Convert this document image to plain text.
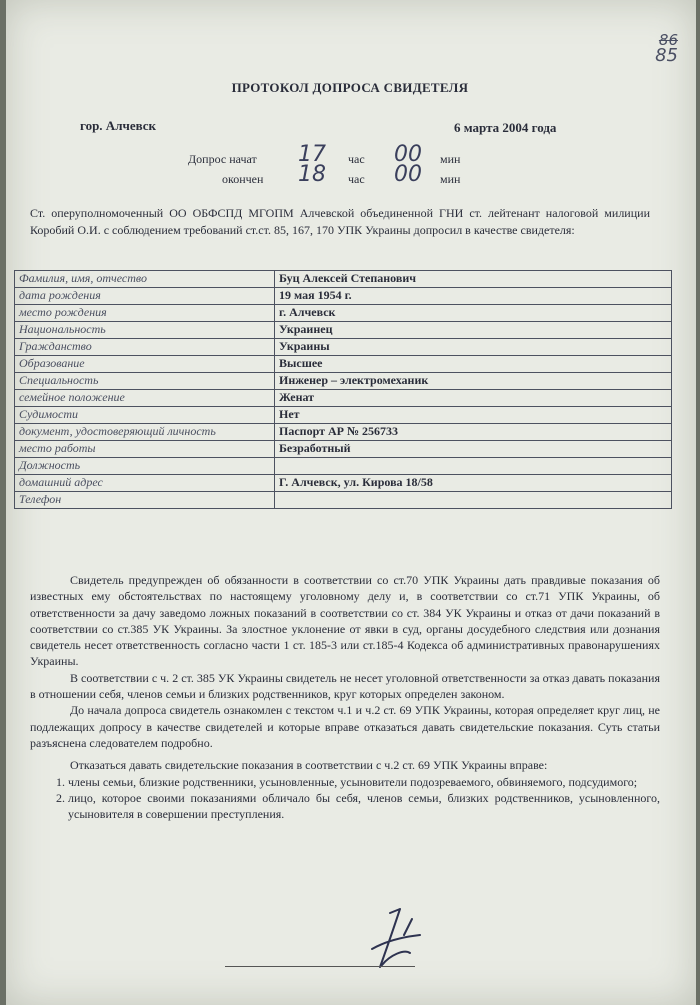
86
85
ПРОТОКОЛ ДОПРОСА СВИДЕТЕЛЯ
гор. Алчевск	6 марта 2004 года
Допрос начат 17 час 00 мин
окончен 18 час 00 мин
Ст. оперуполномоченный ОО ОБФСПД МГОПМ Алчевской объединенной ГНИ ст. лейтенант налоговой милиции Коробий О.И. с соблюдением требований ст.ст. 85, 167, 170 УПК Украины допросил в качестве свидетеля:
Фамилия, имя, отчество	Буц Алексей Степанович
дата рождения	19 мая 1954 г.
место рождения	г. Алчевск
Национальность	Украинец
Гражданство	Украины
Образование	Высшее
Специальность	Инженер – электромеханик
семейное положение	Женат
Судимости	Нет
документ, удостоверяющий личность	Паспорт АР № 256733
место работы	Безработный
Должность	
домашний адрес	Г. Алчевск, ул. Кирова 18/58
Телефон	

Свидетель предупрежден об обязанности в соответствии со ст.70 УПК Украины дать правдивые показания об известных ему обстоятельствах по настоящему уголовному делу и, в соответствии со ст.71 УПК Украины, об ответственности за дачу заведомо ложных показаний в соответствии со ст. 384 УК Украины и отказ от дачи показаний в соответствии со ст.385 УК Украины. За злостное уклонение от явки в суд, органы досудебного следствия или дознания свидетель несет ответственность согласно части 1 ст. 185-3 или ст.185-4 Кодекса об административных правонарушениях Украины.

В соответствии с ч. 2 ст. 385 УК Украины свидетель не несет уголовной ответственности за отказ давать показания в отношении себя, членов семьи и близких родственников, круг которых определен законом.

До начала допроса свидетель ознакомлен с текстом ч.1 и ч.2 ст. 69 УПК Украины, которая определяет круг лиц, не подлежащих допросу в качестве свидетелей и которые вправе отказаться давать свидетельские показания. Суть статьи разъяснена следователем подробно.

Отказаться давать свидетельские показания в соответствии с ч.2 ст. 69 УПК Украины вправе:

1. члены семьи, близкие родственники, усыновленные, усыновители подозреваемого, обвиняемого, подсудимого;
2. лицо, которое своими показаниями обличало бы себя, членов семьи, близких родственников, усыновленного, усыновителя в совершении преступления.
